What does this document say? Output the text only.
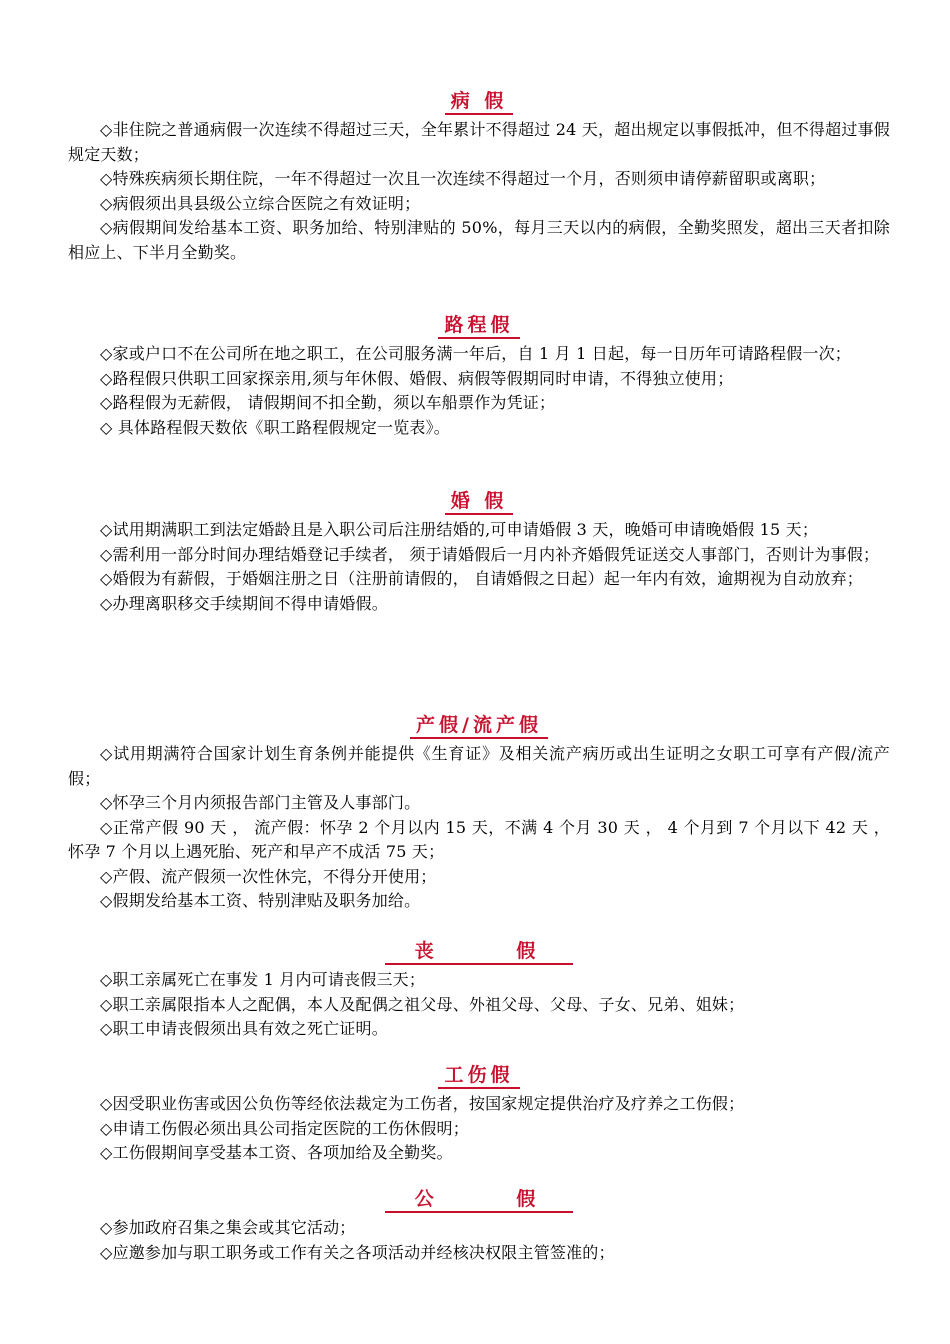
病 假

◇非住院之普通病假一次连续不得超过三天，全年累计不得超过 24 天，超出规定以事假抵冲，但不得超过事假规定天数；

◇特殊疾病须长期住院，一年不得超过一次且一次连续不得超过一个月，否则须申请停薪留职或离职；

◇病假须出具县级公立综合医院之有效证明；

◇病假期间发给基本工资、职务加给、特别津贴的 50%，每月三天以内的病假，全勤奖照发，超出三天者扣除相应上、下半月全勤奖。

路程假

◇家或户口不在公司所在地之职工，在公司服务满一年后，自 1 月 1 日起，每一日历年可请路程假一次；

◇路程假只供职工回家探亲用,须与年休假、婚假、病假等假期同时申请，不得独立使用；

◇路程假为无薪假， 请假期间不扣全勤，须以车船票作为凭证；

◇ 具体路程假天数依《职工路程假规定一览表》。

婚 假

◇试用期满职工到法定婚龄且是入职公司后注册结婚的,可申请婚假 3 天，晚婚可申请晚婚假 15 天；

◇需利用一部分时间办理结婚登记手续者， 须于请婚假后一月内补齐婚假凭证送交人事部门，否则计为事假；

◇婚假为有薪假，于婚姻注册之日（注册前请假的， 自请婚假之日起）起一年内有效，逾期视为自动放弃；

◇办理离职移交手续期间不得申请婚假。

产假/流产假

◇试用期满符合国家计划生育条例并能提供《生育证》及相关流产病历或出生证明之女职工可享有产假/流产假；

◇怀孕三个月内须报告部门主管及人事部门。

◇正常产假 90 天 ， 流产假：怀孕 2 个月以内 15 天，不满 4 个月 30 天 ， 4 个月到 7 个月以下 42 天 ， 怀孕 7 个月以上遇死胎、死产和早产不成活 75 天；

◇产假、流产假须一次性休完，不得分开使用；

◇假期发给基本工资、特别津贴及职务加给。

丧 假

◇职工亲属死亡在事发 1 月内可请丧假三天；

◇职工亲属限指本人之配偶，本人及配偶之祖父母、外祖父母、父母、子女、兄弟、姐妹；

◇职工申请丧假须出具有效之死亡证明。

工伤假

◇因受职业伤害或因公负伤等经依法裁定为工伤者，按国家规定提供治疗及疗养之工伤假；

◇申请工伤假必须出具公司指定医院的工伤休假明；

◇工伤假期间享受基本工资、各项加给及全勤奖。

公 假

◇参加政府召集之集会或其它活动；

◇应邀参加与职工职务或工作有关之各项活动并经核决权限主管签准的；
